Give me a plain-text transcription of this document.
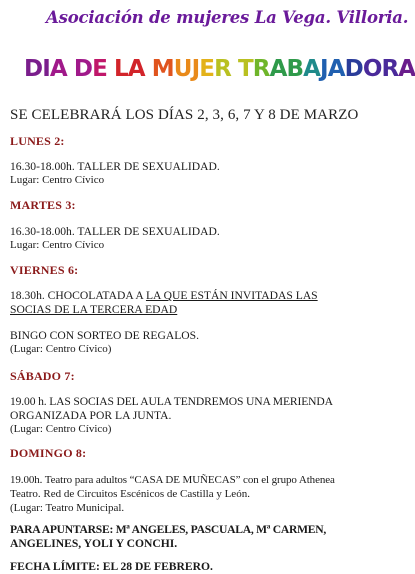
Asociación de mujeres La Vega. Villoria.
DIA DE LA MUJER TRABAJADORA
SE CELEBRARÁ LOS DÍAS 2, 3, 6, 7 Y 8 DE MARZO
LUNES 2:
16.30-18.00h. TALLER DE SEXUALIDAD.
Lugar: Centro Cívico
MARTES 3:
16.30-18.00h. TALLER DE SEXUALIDAD.
Lugar: Centro Cívico
VIERNES 6:
18.30h. CHOCOLATADA A LA QUE ESTÁN INVITADAS LAS
SOCIAS DE LA TERCERA EDAD
BINGO CON SORTEO DE REGALOS.
(Lugar: Centro Cívico)
SÁBADO 7:
19.00 h. LAS SOCIAS DEL AULA TENDREMOS UNA MERIENDA
ORGANIZADA POR LA JUNTA.
(Lugar: Centro Cívico)
DOMINGO 8:
19.00h. Teatro para adultos “CASA DE MUÑECAS” con el grupo Athenea
Teatro. Red de Circuitos Escénicos de Castilla y León.
(Lugar: Teatro Municipal.
PARA APUNTARSE: Mª ANGELES, PASCUALA, Mª CARMEN,
ANGELINES, YOLI Y CONCHI.
FECHA LÍMITE: EL 28 DE FEBRERO.
